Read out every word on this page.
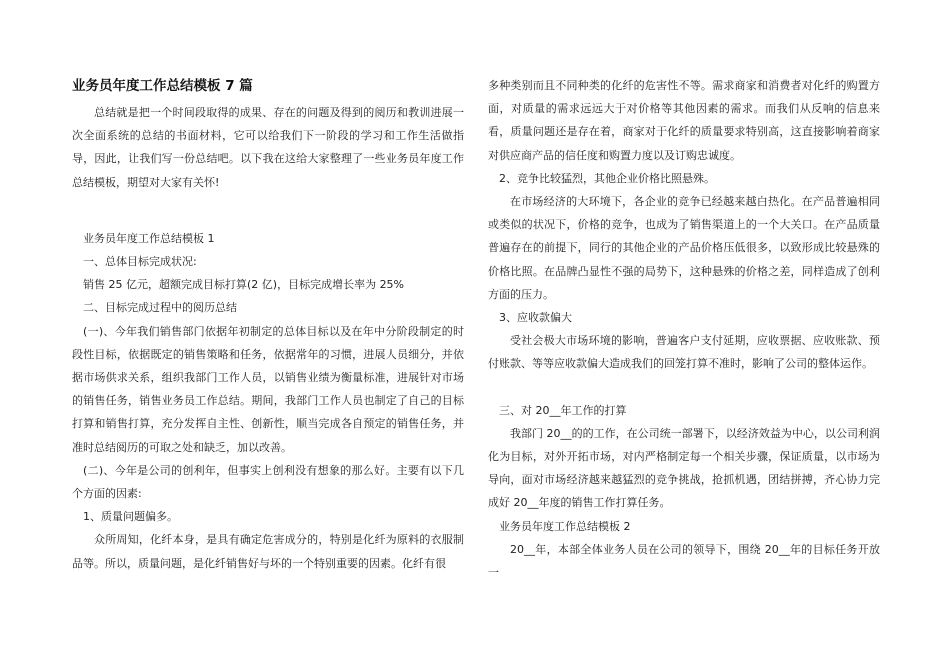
业务员年度工作总结模板 7 篇

总结就是把一个时间段取得的成果、存在的问题及得到的阅历和教训进展一次全面系统的总结的书面材料，它可以给我们下一阶段的学习和工作生活做指导，因此，让我们写一份总结吧。以下我在这给大家整理了一些业务员年度工作总结模板，期望对大家有关怀!

业务员年度工作总结模板 1

一、总体目标完成状况:

销售 25 亿元，超额完成目标打算(2 亿)，目标完成增长率为 25%

二、目标完成过程中的阅历总结

(一)、今年我们销售部门依据年初制定的总体目标以及在年中分阶段制定的时段性目标，依据既定的销售策略和任务，依据常年的习惯，进展人员细分，并依据市场供求关系，组织我部门工作人员，以销售业绩为衡量标准，进展针对市场的销售任务，销售业务员工作总结。期间，我部门工作人员也制定了自己的目标打算和销售打算，充分发挥自主性、创新性，顺当完成各自预定的销售任务，并准时总结阅历的可取之处和缺乏，加以改善。

(二)、今年是公司的创利年，但事实上创利没有想象的那么好。主要有以下几个方面的因素:

1、质量问题偏多。

众所周知，化纤本身，是具有确定危害成分的，特别是化纤为原料的衣服制品等。所以，质量问题，是化纤销售好与坏的一个特别重要的因素。化纤有很

多种类别而且不同种类的化纤的危害性不等。需求商家和消费者对化纤的购置方面，对质量的需求远远大于对价格等其他因素的需求。而我们从反响的信息来看，质量问题还是存在着，商家对于化纤的质量要求特别高，这直接影响着商家对供应商产品的信任度和购置力度以及订购忠诚度。

2、竞争比较猛烈，其他企业价格比照悬殊。

在市场经济的大环境下，各企业的竞争已经越来越白热化。在产品普遍相同或类似的状况下，价格的竞争，也成为了销售渠道上的一个大关口。在产品质量普遍存在的前提下，同行的其他企业的产品价格压低很多，以致形成比较悬殊的价格比照。在品牌凸显性不强的局势下，这种悬殊的价格之差，同样造成了创利方面的压力。

3、应收款偏大

受社会极大市场环境的影响，普遍客户支付延期，应收票据、应收账款、预付账款、等等应收款偏大造成我们的回笼打算不准时，影响了公司的整体运作。

三、对 20__年工作的打算

我部门 20__的的工作，在公司统一部署下，以经济效益为中心，以公司利润化为目标，对外开拓市场，对内严格制定每一个相关步骤，保证质量，以市场为导向，面对市场经济越来越猛烈的竞争挑战，抢抓机遇，团结拼搏，齐心协力完成好 20__年度的销售工作打算任务。

业务员年度工作总结模板 2

20__年，本部全体业务人员在公司的领导下，围绕 20__年的目标任务开放一
